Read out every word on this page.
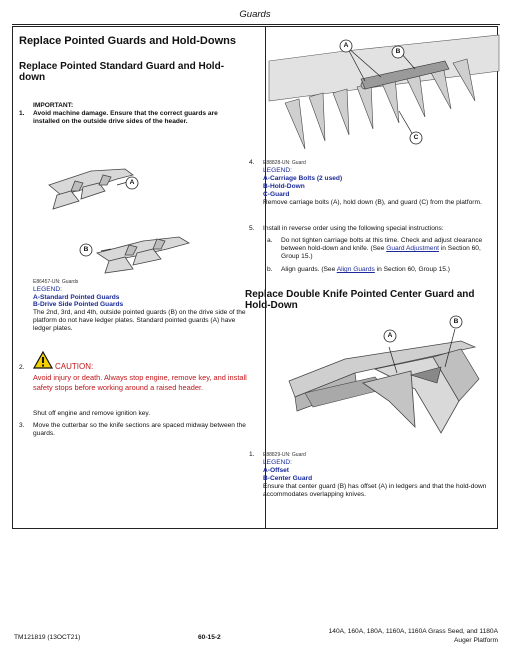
Guards
Replace Pointed Guards and Hold-Downs
Replace Pointed Standard Guard and Hold-down
IMPORTANT:
1. Avoid machine damage. Ensure that the correct guards are installed on the outside drive sides of the header.
A
B
E86457-UN: Guards
LEGEND:
A-Standard Pointed Guards
B-Drive Side Pointed Guards
The 2nd, 3rd, and 4th, outside pointed guards (B) on the drive side of the platform do not have ledger plates. Standard pointed guards (A) have ledger plates.
2.	CAUTION:
Avoid injury or death. Always stop engine, remove key, and install safety stops before working around a raised header.
Shut off engine and remove ignition key.
3. Move the cutterbar so the knife sections are spaced midway between the guards.
A
B
C
4. E88828-UN: Guard
LEGEND:
A-Carriage Bolts (2 used)
B-Hold-Down
C-Guard
Remove carriage bolts (A), hold down (B), and guard (C) from the platform.
5. Install in reverse order using the following special instructions:
a. Do not tighten carriage bolts at this time. Check and adjust clearance between hold-down and knife. (See Guard Adjustment in Section 60, Group 15.)
b. Align guards. (See Align Guards in Section 60, Group 15.)
Replace Double Knife Pointed Center Guard and Hold-Down
A
B
1. E88829-UN: Guard
LEGEND:
A-Offset
B-Center Guard
Ensure that center guard (B) has offset (A) in ledgers and that the hold-down accommodates overlapping knives.
TM121819 (13OCT21)	60-15-2
140A, 160A, 180A, 1160A, 1160A Grass Seed, and 1180A
Auger Platform
